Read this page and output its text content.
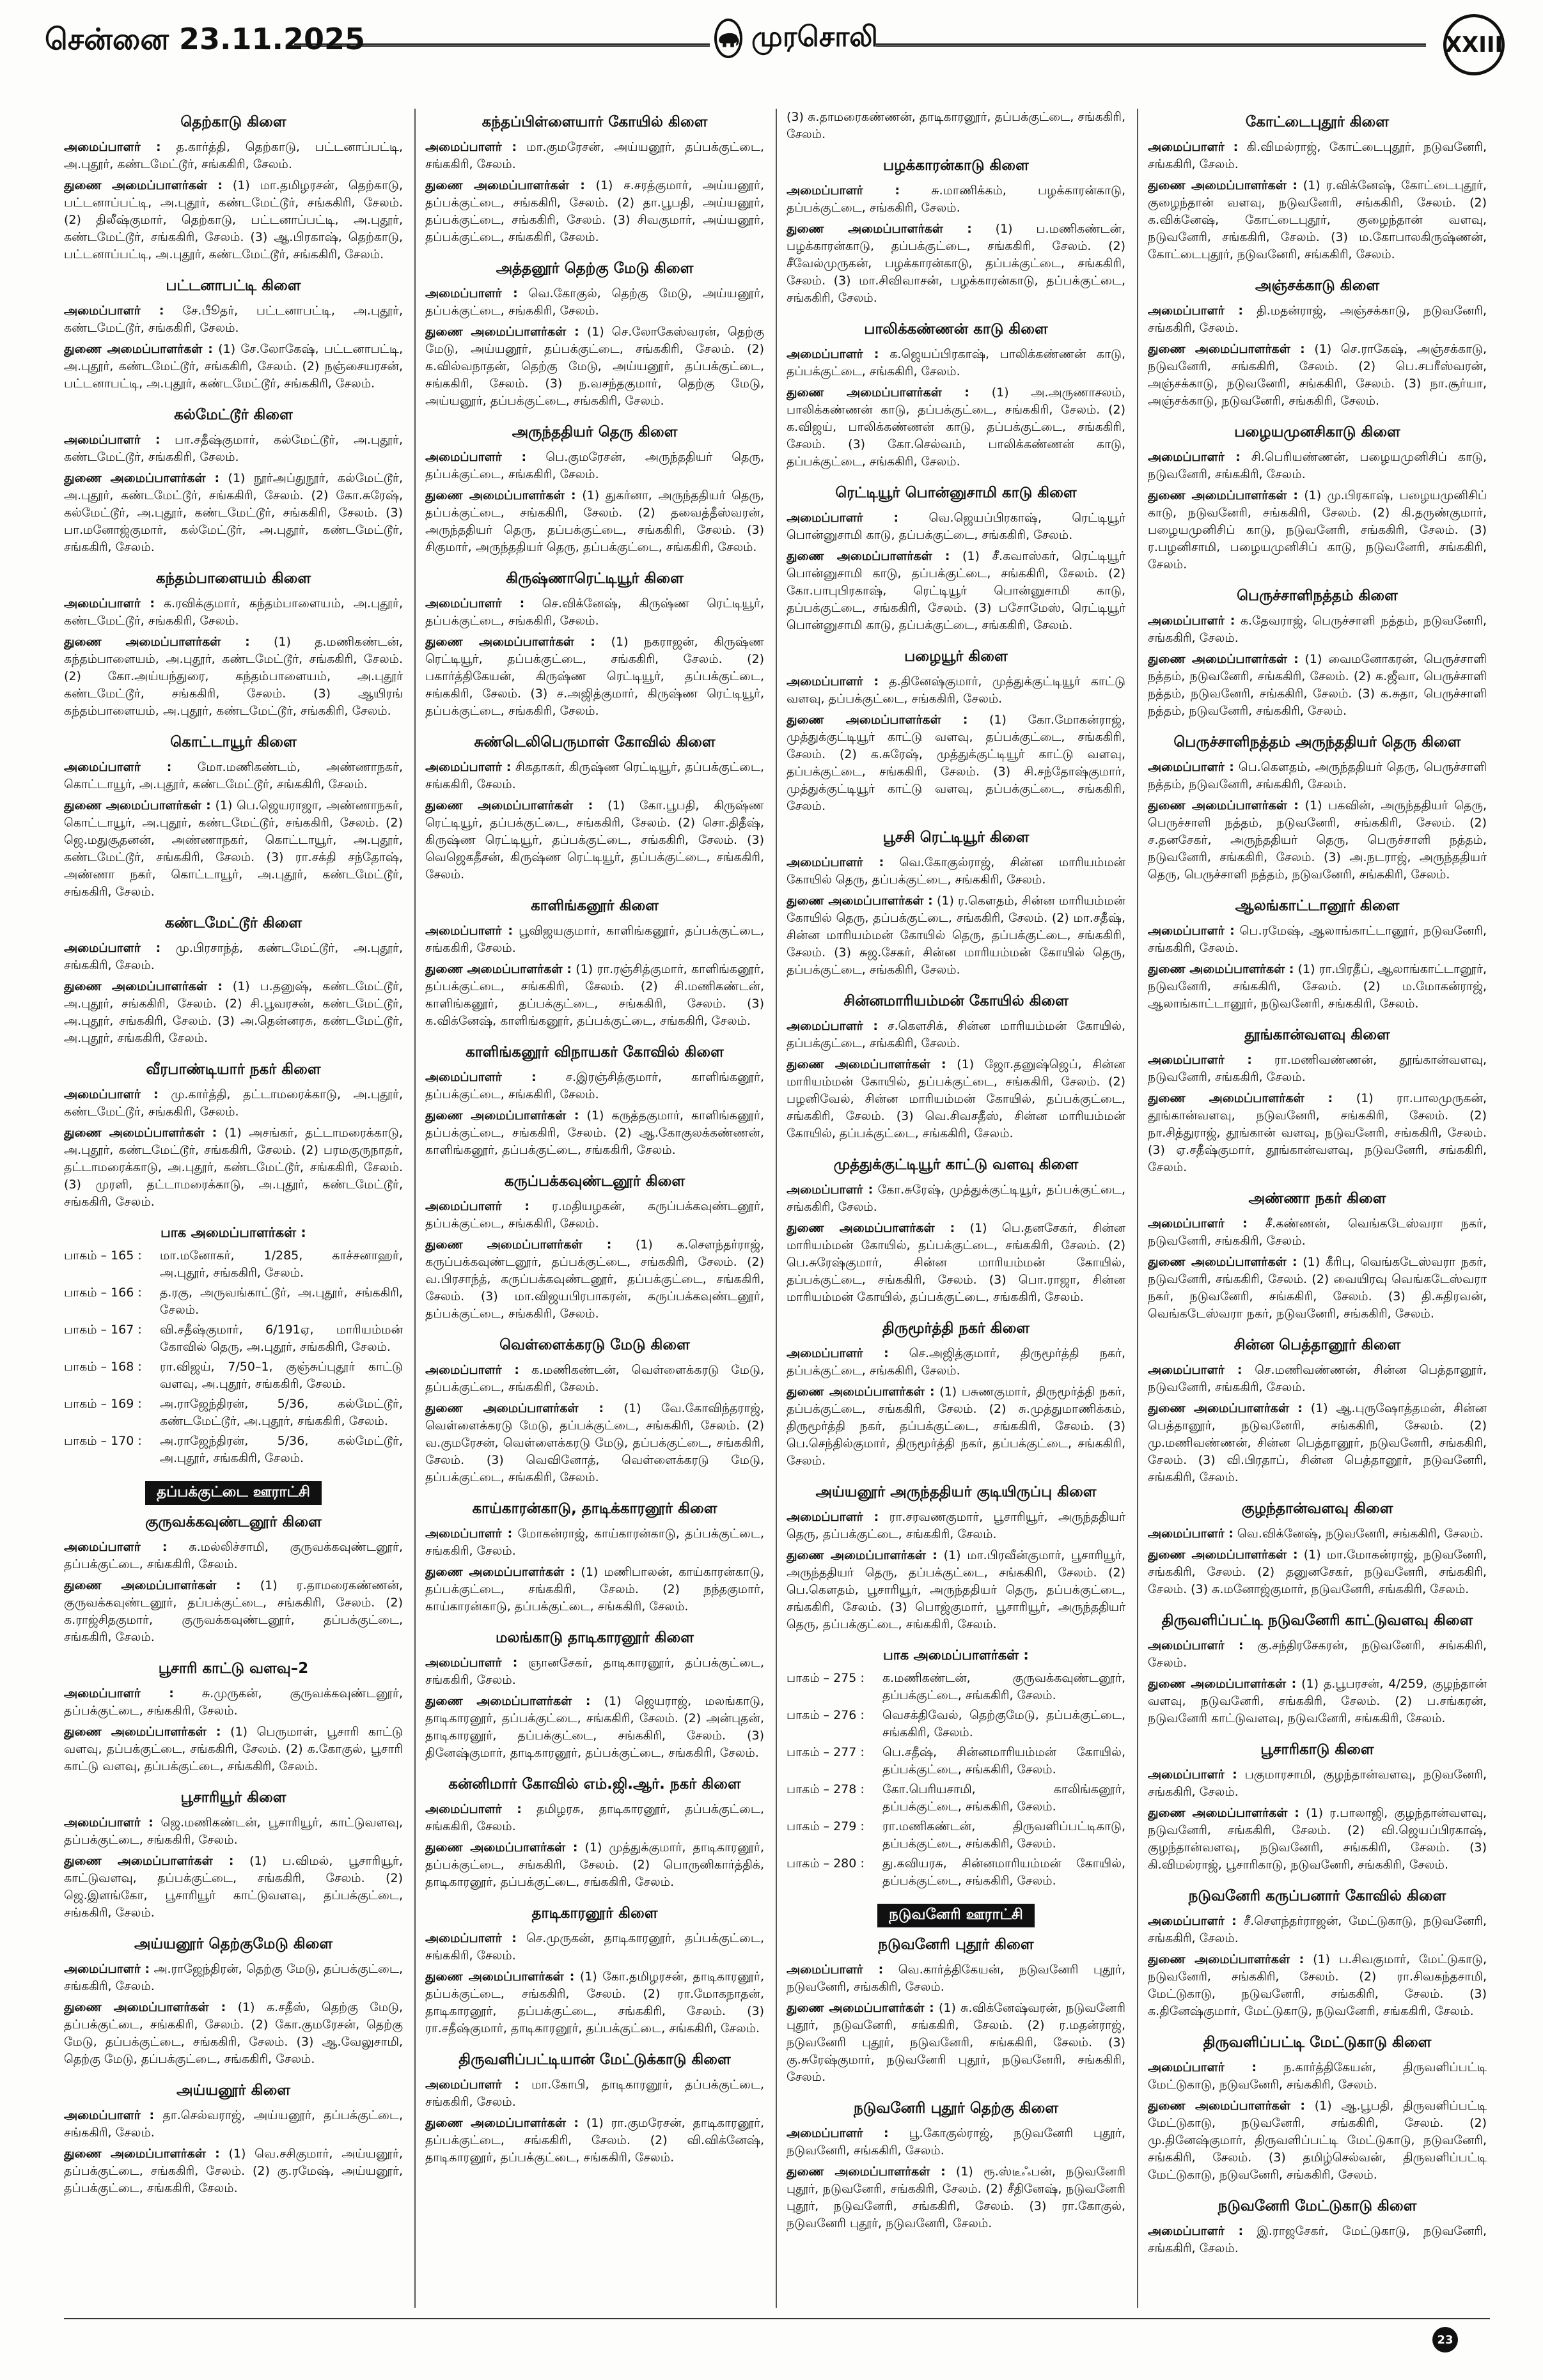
சென்னை 23.11.2025	முரசொலி	XXIII
தெற்காடு கிளை
அமைப்பாளர் : த.கார்த்தி, தெற்காடு, பட்டனாப்பட்டி, அ.புதூர், கண்டமேட்டூர், சங்ககிரி, சேலம்.
துணை அமைப்பாளர்கள் : (1) மா.தமிழரசன், தெற்காடு, பட்டனாப்பட்டி, அ.புதூர், கண்டமேட்டூர், சங்ககிரி, சேலம். (2) திலீஷ்குமார், தெற்காடு, பட்டனாப்பட்டி, அ.புதூர், கண்டமேட்டூர், சங்ககிரி, சேலம். (3) ஆ.பிரகாஷ், தெற்காடு, பட்டனாப்பட்டி, அ.புதூர், கண்டமேட்டூர், சங்ககிரி, சேலம்.
பட்டனாபட்டி கிளை
அமைப்பாளர் : சே.பூீதர், பட்டனாபட்டி, அ.புதூர், கண்டமேட்டூர், சங்ககிரி, சேலம்.
துணை அமைப்பாளர்கள் : (1) சே.லோகேஷ், பட்டனாபட்டி, அ.புதூர், கண்டமேட்டூர், சங்ககிரி, சேலம். (2) நஞ்சையரசன், பட்டனாபட்டி, அ.புதூர், கண்டமேட்டூர், சங்ககிரி, சேலம்.
கல்மேட்டூர் கிளை
அமைப்பாளர் : பா.சதீஷ்குமார், கல்மேட்டூர், அ.புதூர், கண்டமேட்டூர், சங்ககிரி, சேலம்.
துணை அமைப்பாளர்கள் : (1) நூர்அப்துநூர், கல்மேட்டூர், அ.புதூர், கண்டமேட்டூர், சங்ககிரி, சேலம். (2) கோ.சுரேஷ், கல்மேட்டூர், அ.புதூர், கண்டமேட்டூர், சங்ககிரி, சேலம். (3) பா.மனோஜ்குமார், கல்மேட்டூர், அ.புதூர், கண்டமேட்டூர், சங்ககிரி, சேலம்.
கந்தம்பாளையம் கிளை
அமைப்பாளர் : க.ரவிக்குமார், கந்தம்பாளையம், அ.புதூர், கண்டமேட்டூர், சங்ககிரி, சேலம்.
துணை அமைப்பாளர்கள் : (1) த.மணிகண்டன், கந்தம்பாளையம், அ.புதூர், கண்டமேட்டூர், சங்ககிரி, சேலம். (2) கோ.அய்யந்துரை, கந்தம்பாளையம், அ.புதூர் கண்டமேட்டூர், சங்ககிரி, சேலம். (3) ஆயிரங் கந்தம்பாளையம், அ.புதூர், கண்டமேட்டூர், சங்ககிரி, சேலம்.
கொட்டாயூர் கிளை
அமைப்பாளர் : மோ.மணிகண்டம், அண்ணாநகர், கொட்டாயூர், அ.புதூர், கண்டமேட்டூர், சங்ககிரி, சேலம்.
துணை அமைப்பாளர்கள் : (1) பெ.ஜெயராஜா, அண்ணாநகர், கொட்டாயூர், அ.புதூர், கண்டமேட்டூர், சங்ககிரி, சேலம். (2) ஜெ.மதுசூதனன், அண்ணாநகர், கொட்டாயூர், அ.புதூர், கண்டமேட்டூர், சங்ககிரி, சேலம். (3) ரா.சக்தி சந்தோஷ், அண்ணா நகர், கொட்டாயூர், அ.புதூர், கண்டமேட்டூர், சங்ககிரி, சேலம்.
கண்டமேட்டூர் கிளை
அமைப்பாளர் : மு.பிரசாந்த், கண்டமேட்டூர், அ.புதூர், சங்ககிரி, சேலம்.
துணை அமைப்பாளர்கள் : (1) ப.தனுஷ், கண்டமேட்டூர், அ.புதூர், சங்ககிரி, சேலம். (2) சி.பூவரசன், கண்டமேட்டூர், அ.புதூர், சங்ககிரி, சேலம். (3) அ.தென்னரசு, கண்டமேட்டூர், அ.புதூர், சங்ககிரி, சேலம்.
வீரபாண்டியார் நகர் கிளை
அமைப்பாளர் : மு.கார்த்தி, தட்டாமரைக்காடு, அ.புதூர், கண்டமேட்டூர், சங்ககிரி, சேலம்.
துணை அமைப்பாளர்கள் : (1) அசங்கர், தட்டாமரைக்காடு, அ.புதூர், கண்டமேட்டூர், சங்ககிரி, சேலம். (2) பரமகுருநாதர், தட்டாமரைக்காடு, அ.புதூர், கண்டமேட்டூர், சங்ககிரி, சேலம். (3) முரளி, தட்டாமரைக்காடு, அ.புதூர், கண்டமேட்டூர், சங்ககிரி, சேலம்.
பாக அமைப்பாளர்கள் :
பாகம் – 165 :	மா.மனோகர், 1/285, காச்சனாஹர், அ.புதூர், சங்ககிரி, சேலம்.
பாகம் – 166 :	த.ரகு, அருவங்காட்டூர், அ.புதூர், சங்ககிரி, சேலம்.
பாகம் – 167 :	வி.சதீஷ்குமார், 6/191ஏ, மாரியம்மன் கோவில் தெரு, அ.புதூர், சங்ககிரி, சேலம்.
பாகம் – 168 :	ரா.விஜய், 7/50–1, குஞ்சுப்புதூர் காட்டு வளவு, அ.புதூர், சங்ககிரி, சேலம்.
பாகம் – 169 :	அ.ராஜேந்திரன், 5/36, கல்மேட்டூர், கண்டமேட்டூர், அ.புதூர், சங்ககிரி, சேலம்.
பாகம் – 170 :	அ.ராஜேந்திரன், 5/36, கல்மேட்டூர், அ.புதூர், சங்ககிரி, சேலம்.
தப்பக்குட்டை ஊராட்சி
குருவக்கவுண்டனூர் கிளை
அமைப்பாளர் : சு.மல்லிச்சாமி, குருவக்கவுண்டனூர், தப்பக்குட்டை, சங்ககிரி, சேலம்.
துணை அமைப்பாளர்கள் : (1) ர.தாமரைகண்ணன், குருவக்கவுண்டனூர், தப்பக்குட்டை, சங்ககிரி, சேலம். (2) க.ராஜ்சிதகுமார், குருவக்கவுண்டனூர், தப்பக்குட்டை, சங்ககிரி, சேலம்.
பூசாரி காட்டு வளவு–2
அமைப்பாளர் : சு.முருகன், குருவக்கவுண்டனூர், தப்பக்குட்டை, சங்ககிரி, சேலம்.
துணை அமைப்பாளர்கள் : (1) பெருமாள், பூசாரி காட்டு வளவு, தப்பக்குட்டை, சங்ககிரி, சேலம். (2) க.கோகுல், பூசாரி காட்டு வளவு, தப்பக்குட்டை, சங்ககிரி, சேலம்.
பூசாரியூர் கிளை
அமைப்பாளர் : ஜெ.மணிகண்டன், பூசாரியூர், காட்டுவளவு, தப்பக்குட்டை, சங்ககிரி, சேலம்.
துணை அமைப்பாளர்கள் : (1) ப.விமல், பூசாரியூர், காட்டுவளவு, தப்பக்குட்டை, சங்ககிரி, சேலம். (2) ஜெ.இளங்கோ, பூசாரியூர் காட்டுவளவு, தப்பக்குட்டை, சங்ககிரி, சேலம்.
அய்யனூர் தெற்குமேடு கிளை
அமைப்பாளர் : அ.ராஜேந்திரன், தெற்கு மேடு, தப்பக்குட்டை, சங்ககிரி, சேலம்.
துணை அமைப்பாளர்கள் : (1) க.சதீஸ், தெற்கு மேடு, தப்பக்குட்டை, சங்ககிரி, சேலம். (2) கோ.குமரேசன், தெற்கு மேடு, தப்பக்குட்டை, சங்ககிரி, சேலம். (3) ஆ.வேலுசாமி, தெற்கு மேடு, தப்பக்குட்டை, சங்ககிரி, சேலம்.
அய்யனூர் கிளை
அமைப்பாளர் : தா.செல்வராஜ், அய்யனூர், தப்பக்குட்டை, சங்ககிரி, சேலம்.
துணை அமைப்பாளர்கள் : (1) வெ.சசிகுமார், அய்யனூர், தப்பக்குட்டை, சங்ககிரி, சேலம். (2) கு.ரமேஷ், அய்யனூர், தப்பக்குட்டை, சங்ககிரி, சேலம்.
கந்தப்பிள்ளையார் கோயில் கிளை
அமைப்பாளர் : மா.குமரேசன், அய்யனூர், தப்பக்குட்டை, சங்ககிரி, சேலம்.
துணை அமைப்பாளர்கள் : (1) ச.சரத்குமார், அய்யனூர், தப்பக்குட்டை, சங்ககிரி, சேலம். (2) தா.பூபதி, அய்யனூர், தப்பக்குட்டை, சங்ககிரி, சேலம். (3) சிவகுமார், அய்யனூர், தப்பக்குட்டை, சங்ககிரி, சேலம்.
அத்தனூர் தெற்கு மேடு கிளை
அமைப்பாளர் : வெ.கோகுல், தெற்கு மேடு, அய்யனூர், தப்பக்குட்டை, சங்ககிரி, சேலம்.
துணை அமைப்பாளர்கள் : (1) செ.லோகேஸ்வரன், தெற்கு மேடு, அய்யனூர், தப்பக்குட்டை, சங்ககிரி, சேலம். (2) க.வில்வநாதன், தெற்கு மேடு, அய்யனூர், தப்பக்குட்டை, சங்ககிரி, சேலம். (3) ந.வசந்தகுமார், தெற்கு மேடு, அய்யனூர், தப்பக்குட்டை, சங்ககிரி, சேலம்.
அருந்ததியர் தெரு கிளை
அமைப்பாளர் : பெ.குமரேசன், அருந்ததியர் தெரு, தப்பக்குட்டை, சங்ககிரி, சேலம்.
துணை அமைப்பாளர்கள் : (1) துகர்னா, அருந்ததியர் தெரு, தப்பக்குட்டை, சங்ககிரி, சேலம். (2) தவைத்தீஸ்வரன், அருந்ததியர் தெரு, தப்பக்குட்டை, சங்ககிரி, சேலம். (3) சிகுமார், அருந்ததியர் தெரு, தப்பக்குட்டை, சங்ககிரி, சேலம்.
கிருஷ்ணாரெட்டியூர் கிளை
அமைப்பாளர் : செ.விக்னேஷ், கிருஷ்ண ரெட்டியூர், தப்பக்குட்டை, சங்ககிரி, சேலம்.
துணை அமைப்பாளர்கள் : (1) நகராஜன், கிருஷ்ண ரெட்டியூர், தப்பக்குட்டை, சங்ககிரி, சேலம். (2) பகார்த்திகேயன், கிருஷ்ண ரெட்டியூர், தப்பக்குட்டை, சங்ககிரி, சேலம். (3) ச.அஜித்குமார், கிருஷ்ண ரெட்டியூர், தப்பக்குட்டை, சங்ககிரி, சேலம்.
சுண்டெலிபெருமாள் கோவில் கிளை
அமைப்பாளர் : சிகதாகர், கிருஷ்ண ரெட்டியூர், தப்பக்குட்டை, சங்ககிரி, சேலம்.
துணை அமைப்பாளர்கள் : (1) கோ.பூபதி, கிருஷ்ண ரெட்டியூர், தப்பக்குட்டை, சங்ககிரி, சேலம். (2) சொ.திதீஷ், கிருஷ்ண ரெட்டியூர், தப்பக்குட்டை, சங்ககிரி, சேலம். (3) வெஜெகதீசன், கிருஷ்ண ரெட்டியூர், தப்பக்குட்டை, சங்ககிரி, சேலம்.
காளிங்கனூர் கிளை
அமைப்பாளர் : பூவிஜயகுமார், காளிங்கனூர், தப்பக்குட்டை, சங்ககிரி, சேலம்.
துணை அமைப்பாளர்கள் : (1) ரா.ரஞ்சித்குமார், காளிங்கனூர், தப்பக்குட்டை, சங்ககிரி, சேலம். (2) சி.மணிகண்டன், காளிங்கனூர், தப்பக்குட்டை, சங்ககிரி, சேலம். (3) க.விக்னேஷ், காளிங்கனூர், தப்பக்குட்டை, சங்ககிரி, சேலம்.
காளிங்கனூர் விநாயகர் கோவில் கிளை
அமைப்பாளர் : ச.இரஞ்சித்குமார், காளிங்கனூர், தப்பக்குட்டை, சங்ககிரி, சேலம்.
துணை அமைப்பாளர்கள் : (1) கருத்தகுமார், காளிங்கனூர், தப்பக்குட்டை, சங்ககிரி, சேலம். (2) ஆ.கோகுலக்கண்ணன், காளிங்கனூர், தப்பக்குட்டை, சங்ககிரி, சேலம்.
கருப்பக்கவுண்டனூர் கிளை
அமைப்பாளர் : ர.மதியழகன், கருப்பக்கவுண்டனூர், தப்பக்குட்டை, சங்ககிரி, சேலம்.
துணை அமைப்பாளர்கள் : (1) க.சௌந்தர்ராஜ், கருப்பக்கவுண்டனூர், தப்பக்குட்டை, சங்ககிரி, சேலம். (2) வ.பிரசாந்த், கருப்பக்கவுண்டனூர், தப்பக்குட்டை, சங்ககிரி, சேலம். (3) மா.விஜயபிரபாகரன், கருப்பக்கவுண்டனூர், தப்பக்குட்டை, சங்ககிரி, சேலம்.
வெள்ளைக்கரடு மேடு கிளை
அமைப்பாளர் : க.மணிகண்டன், வெள்ளைக்கரடு மேடு, தப்பக்குட்டை, சங்ககிரி, சேலம்.
துணை அமைப்பாளர்கள் : (1) வே.கோவிந்தராஜ், வெள்ளைக்கரடு மேடு, தப்பக்குட்டை, சங்ககிரி, சேலம். (2) வ.குமரேசன், வெள்ளைக்கரடு மேடு, தப்பக்குட்டை, சங்ககிரி, சேலம். (3) வெவினோத், வெள்ளைக்கரடு மேடு, தப்பக்குட்டை, சங்ககிரி, சேலம்.
காய்காரன்காடு, தாடிக்காரனூர் கிளை
அமைப்பாளர் : மோகன்ராஜ், காய்காரன்காடு, தப்பக்குட்டை, சங்ககிரி, சேலம்.
துணை அமைப்பாளர்கள் : (1) மணிபாலன், காய்காரன்காடு, தப்பக்குட்டை, சங்ககிரி, சேலம். (2) நந்தகுமார், காய்காரன்காடு, தப்பக்குட்டை, சங்ககிரி, சேலம்.
மலங்காடு தாடிகாரனூர் கிளை
அமைப்பாளர் : ஞானசேகர், தாடிகாரனூர், தப்பக்குட்டை, சங்ககிரி, சேலம்.
துணை அமைப்பாளர்கள் : (1) ஜெயராஜ், மலங்காடு, தாடிகாரனூர், தப்பக்குட்டை, சங்ககிரி, சேலம். (2) அன்புதன், தாடிகாரனூர், தப்பக்குட்டை, சங்ககிரி, சேலம். (3) தினேஷ்குமார், தாடிகாரனூர், தப்பக்குட்டை, சங்ககிரி, சேலம்.
கன்னிமார் கோவில் எம்.ஜி.ஆர். நகர் கிளை
அமைப்பாளர் : தமிழரசு, தாடிகாரனூர், தப்பக்குட்டை, சங்ககிரி, சேலம்.
துணை அமைப்பாளர்கள் : (1) முத்துக்குமார், தாடிகாரனூர், தப்பக்குட்டை, சங்ககிரி, சேலம். (2) பொருனிகார்த்திக், தாடிகாரனூர், தப்பக்குட்டை, சங்ககிரி, சேலம்.
தாடிகாரனூர் கிளை
அமைப்பாளர் : செ.முருகன், தாடிகாரனூர், தப்பக்குட்டை, சங்ககிரி, சேலம்.
துணை அமைப்பாளர்கள் : (1) கோ.தமிழரசன், தாடிகாரனூர், தப்பக்குட்டை, சங்ககிரி, சேலம். (2) ரா.மோகநாதன், தாடிகாரனூர், தப்பக்குட்டை, சங்ககிரி, சேலம். (3) ரா.சதீஷ்குமார், தாடிகாரனூர், தப்பக்குட்டை, சங்ககிரி, சேலம்.
திருவளிப்பட்டியான் மேட்டுக்காடு கிளை
அமைப்பாளர் : மா.கோபி, தாடிகாரனூர், தப்பக்குட்டை, சங்ககிரி, சேலம்.
துணை அமைப்பாளர்கள் : (1) ரா.குமரேசன், தாடிகாரனூர், தப்பக்குட்டை, சங்ககிரி, சேலம். (2) வி.விக்னேஷ், தாடிகாரனூர், தப்பக்குட்டை, சங்ககிரி, சேலம்.
(3) சு.தாமரைகண்ணன், தாடிகாரனூர், தப்பக்குட்டை, சங்ககிரி, சேலம்.
பழக்காரன்காடு கிளை
அமைப்பாளர் :	சு.மாணிக்கம், பழக்காரன்காடு, தப்பக்குட்டை, சங்ககிரி, சேலம்.
துணை அமைப்பாளர்கள் : (1) ப.மணிகண்டன், பழக்காரன்காடு, தப்பக்குட்டை, சங்ககிரி, சேலம். (2) சீவேல்முருகன், பழக்காரன்காடு, தப்பக்குட்டை, சங்ககிரி, சேலம். (3) மா.சிவிவாசன், பழக்காரன்காடு, தப்பக்குட்டை, சங்ககிரி, சேலம்.
பாலிக்கண்ணன் காடு கிளை
அமைப்பாளர் : க.ஜெயப்பிரகாஷ், பாலிக்கண்ணன் காடு, தப்பக்குட்டை, சங்ககிரி, சேலம்.
துணை அமைப்பாளர்கள் : (1) அ.அருணாசலம், பாலிக்கண்ணன் காடு, தப்பக்குட்டை, சங்ககிரி, சேலம். (2) க.விஜய், பாலிக்கண்ணன் காடு, தப்பக்குட்டை, சங்ககிரி, சேலம். (3) கோ.செல்வம், பாலிக்கண்ணன் காடு, தப்பக்குட்டை, சங்ககிரி, சேலம்.
ரெட்டியூர் பொன்னுசாமி காடு கிளை
அமைப்பாளர் : வெ.ஜெயப்பிரகாஷ், ரெட்டியூர் பொன்னுசாமி காடு, தப்பக்குட்டை, சங்ககிரி, சேலம்.
துணை அமைப்பாளர்கள் : (1) சீ.கவாஸ்கர், ரெட்டியூர் பொன்னுசாமி காடு, தப்பக்குட்டை, சங்ககிரி, சேலம். (2) கோ.பாபுபிரகாஷ், ரெட்டியூர் பொன்னுசாமி காடு, தப்பக்குட்டை, சங்ககிரி, சேலம். (3) பசோமேஸ், ரெட்டியூர் பொன்னுசாமி காடு, தப்பக்குட்டை, சங்ககிரி, சேலம்.
பழையூர் கிளை
அமைப்பாளர் : த.தினேஷ்குமார், முத்துக்குட்டியூர் காட்டு வளவு, தப்பக்குட்டை, சங்ககிரி, சேலம்.
துணை அமைப்பாளர்கள் : (1) கோ.மோகன்ராஜ், முத்துக்குட்டியூர் காட்டு வளவு, தப்பக்குட்டை, சங்ககிரி, சேலம். (2) க.சுரேஷ், முத்துக்குட்டியூர் காட்டு வளவு, தப்பக்குட்டை, சங்ககிரி, சேலம். (3) சி.சந்தோஷ்குமார், முத்துக்குட்டியூர் காட்டு வளவு, தப்பக்குட்டை, சங்ககிரி, சேலம்.
பூசசி ரெட்டியூர் கிளை
அமைப்பாளர் : வெ.கோகுல்ராஜ், சின்ன மாரியம்மன் கோயில் தெரு, தப்பக்குட்டை, சங்ககிரி, சேலம்.
துணை அமைப்பாளர்கள் : (1) ர.கௌதம், சின்ன மாரியம்மன் கோயில் தெரு, தப்பக்குட்டை, சங்ககிரி, சேலம். (2) மா.சதீஷ், சின்ன மாரியம்மன் கோயில் தெரு, தப்பக்குட்டை, சங்ககிரி, சேலம். (3) சுஜ.சேகர், சின்ன மாரியம்மன் கோயில் தெரு, தப்பக்குட்டை, சங்ககிரி, சேலம்.
சின்னமாரியம்மன் கோயில் கிளை
அமைப்பாளர் : ச.கௌசிக், சின்ன மாரியம்மன் கோயில், தப்பக்குட்டை, சங்ககிரி, சேலம்.
துணை அமைப்பாளர்கள் : (1) ஜோ.தனுஷ்ஜெப், சின்ன மாரியம்மன் கோயில், தப்பக்குட்டை, சங்ககிரி, சேலம். (2) பழனிவேல், சின்ன மாரியம்மன் கோயில், தப்பக்குட்டை, சங்ககிரி, சேலம். (3) வெ.சிவசதீஸ், சின்ன மாரியம்மன் கோயில், தப்பக்குட்டை, சங்ககிரி, சேலம்.
முத்துக்குட்டியூர் காட்டு வளவு கிளை
அமைப்பாளர் : கோ.சுரேஷ், முத்துக்குட்டியூர், தப்பக்குட்டை, சங்ககிரி, சேலம்.
துணை அமைப்பாளர்கள் : (1) பெ.தனசேகர், சின்ன மாரியம்மன் கோயில், தப்பக்குட்டை, சங்ககிரி, சேலம். (2) பெ.சுரேஷ்குமார், சின்ன மாரியம்மன் கோயில், தப்பக்குட்டை, சங்ககிரி, சேலம். (3) பொ.ராஜா, சின்ன மாரியம்மன் கோயில், தப்பக்குட்டை, சங்ககிரி, சேலம்.
திருமூர்த்தி நகர் கிளை
அமைப்பாளர் : செ.அஜித்குமார், திருமூர்த்தி நகர், தப்பக்குட்டை, சங்ககிரி, சேலம்.
துணை அமைப்பாளர்கள் : (1) பசுணகுமார், திருமூர்த்தி நகர், தப்பக்குட்டை, சங்ககிரி, சேலம். (2) சு.முத்துமாணிக்கம், திருமூர்த்தி நகர், தப்பக்குட்டை, சங்ககிரி, சேலம். (3) பெ.செந்தில்குமார், திருமூர்த்தி நகர், தப்பக்குட்டை, சங்ககிரி, சேலம்.
அய்யனூர் அருந்ததியர் குடியிருப்பு கிளை
அமைப்பாளர் : ரா.சரவணகுமார், பூசாரியூர், அருந்ததியர் தெரு, தப்பக்குட்டை, சங்ககிரி, சேலம்.
துணை அமைப்பாளர்கள் : (1) மா.பிரவீன்குமார், பூசாரியூர், அருந்ததியர் தெரு, தப்பக்குட்டை, சங்ககிரி, சேலம். (2) பெ.கௌதம், பூசாரியூர், அருந்ததியர் தெரு, தப்பக்குட்டை, சங்ககிரி, சேலம். (3) பொஜ்குமார், பூசாரியூர், அருந்ததியர் தெரு, தப்பக்குட்டை, சங்ககிரி, சேலம்.
பாக அமைப்பாளர்கள் :
பாகம் – 275 :	க.மணிகண்டன், குருவக்கவுண்டனூர், தப்பக்குட்டை, சங்ககிரி, சேலம்.
பாகம் – 276 :	வெசக்திவேல், தெற்குமேடு, தப்பக்குட்டை, சங்ககிரி, சேலம்.
பாகம் – 277 :	பெ.சதீஷ், சின்னமாரியம்மன் கோயில், தப்பக்குட்டை, சங்ககிரி, சேலம்.
பாகம் – 278 :	கோ.பெரியசாமி, காலிங்கனூர், தப்பக்குட்டை, சங்ககிரி, சேலம்.
பாகம் – 279 :	ரா.மணிகண்டன், திருவளிப்பட்டிகாடு, தப்பக்குட்டை, சங்ககிரி, சேலம்.
பாகம் – 280 :	து.கவியரசு, சின்னமாரியம்மன் கோயில், தப்பக்குட்டை, சங்ககிரி, சேலம்.
நடுவனேரி ஊராட்சி
நடுவனேரி புதூர் கிளை
அமைப்பாளர் : வெ.கார்த்திகேயன், நடுவனேரி புதூர், நடுவனேரி, சங்ககிரி, சேலம்.
துணை அமைப்பாளர்கள் : (1) சு.விக்னேஷ்வரன், நடுவனேரி புதூர், நடுவனேரி, சங்ககிரி, சேலம். (2) ர.மதன்ராஜ், நடுவனேரி புதூர், நடுவனேரி, சங்ககிரி, சேலம். (3) கு.சுரேஷ்குமார், நடுவனேரி புதூர், நடுவனேரி, சங்ககிரி, சேலம்.
நடுவனேரி புதூர் தெற்கு கிளை
அமைப்பாளர் : பூ.கோகுல்ராஜ், நடுவனேரி புதூர், நடுவனேரி, சங்ககிரி, சேலம்.
துணை அமைப்பாளர்கள் : (1) ரூ.ஸ்டீஃபன், நடுவனேரி புதூர், நடுவனேரி, சங்ககிரி, சேலம். (2) சீதினேஷ், நடுவனேரி புதூர், நடுவனேரி, சங்ககிரி, சேலம். (3) ரா.கோகுல், நடுவனேரி புதூர், நடுவனேரி, சேலம்.
கோட்டைபுதூர் கிளை
அமைப்பாளர் : கி.விமல்ராஜ், கோட்டைபுதூர், நடுவனேரி, சங்ககிரி, சேலம்.
துணை அமைப்பாளர்கள் : (1) ர.விக்னேஷ், கோட்டைபுதூர், குழைந்தான் வளவு, நடுவனேரி, சங்ககிரி, சேலம். (2) க.விக்னேஷ், கோட்டைபுதூர், குழைந்தான் வளவு, நடுவனேரி, சங்ககிரி, சேலம். (3) ம.கோபாலகிருஷ்ணன், கோட்டைபுதூர், நடுவனேரி, சங்ககிரி, சேலம்.
அஞ்சக்காடு கிளை
அமைப்பாளர் : தி.மதன்ராஜ், அஞ்சக்காடு, நடுவனேரி, சங்ககிரி, சேலம்.
துணை அமைப்பாளர்கள் : (1) செ.ராகேஷ், அஞ்சக்காடு, நடுவனேரி, சங்ககிரி, சேலம். (2) பெ.சபரீஸ்வரன், அஞ்சக்காடு, நடுவனேரி, சங்ககிரி, சேலம். (3) நா.சூர்யா, அஞ்சக்காடு, நடுவனேரி, சங்ககிரி, சேலம்.
பழையமுனசிகாடு கிளை
அமைப்பாளர் : சி.பெரியண்ணன், பழையமுனிசிப் காடு, நடுவனேரி, சங்ககிரி, சேலம்.
துணை அமைப்பாளர்கள் : (1) மு.பிரகாஷ், பழையமுனிசிப் காடு, நடுவனேரி, சங்ககிரி, சேலம். (2) கி.தருண்குமார், பழையமுனிசிப் காடு, நடுவனேரி, சங்ககிரி, சேலம். (3) ர.பழனிசாமி, பழையமுனிசிப் காடு, நடுவனேரி, சங்ககிரி, சேலம்.
பெருச்சாளிநத்தம் கிளை
அமைப்பாளர் : க.தேவராஜ், பெருச்சாளி நத்தம், நடுவனேரி, சங்ககிரி, சேலம்.
துணை அமைப்பாளர்கள் : (1) வைமனோகரன், பெருச்சாளி நத்தம், நடுவனேரி, சங்ககிரி, சேலம். (2) க.ஜீவா, பெருச்சாளி நத்தம், நடுவனேரி, சங்ககிரி, சேலம். (3) க.சுதா, பெருச்சாளி நத்தம், நடுவனேரி, சங்ககிரி, சேலம்.
பெருச்சாளிநத்தம் அருந்ததியர் தெரு கிளை
அமைப்பாளர் : பெ.கௌதம், அருந்ததியர் தெரு, பெருச்சாளி நத்தம், நடுவனேரி, சங்ககிரி, சேலம்.
துணை அமைப்பாளர்கள் : (1) பகவின், அருந்ததியர் தெரு, பெருச்சாளி நத்தம், நடுவனேரி, சங்ககிரி, சேலம். (2) ச.தனசேகர், அருந்ததியர் தெரு, பெருச்சாளி நத்தம், நடுவனேரி, சங்ககிரி, சேலம். (3) அ.நடராஜ், அருந்ததியர் தெரு, பெருச்சாளி நத்தம், நடுவனேரி, சங்ககிரி, சேலம்.
ஆலங்காட்டானூர் கிளை
அமைப்பாளர் : பெ.ரமேஷ், ஆலாங்காட்டானூர், நடுவனேரி, சங்ககிரி, சேலம்.
துணை அமைப்பாளர்கள் : (1) ரா.பிரதீப், ஆலாங்காட்டானூர், நடுவனேரி, சங்ககிரி, சேலம். (2) ம.மோகன்ராஜ், ஆலாங்காட்டானூர், நடுவனேரி, சங்ககிரி, சேலம்.
தூங்கான்வளவு கிளை
அமைப்பாளர் : ரா.மணிவண்ணன், தூங்கான்வளவு, நடுவனேரி, சங்ககிரி, சேலம்.
துணை அமைப்பாளர்கள் : (1) ரா.பாலமுருகன், தூங்கான்வளவு, நடுவனேரி, சங்ககிரி, சேலம். (2) நா.சித்துராஜ், தூங்கான் வளவு, நடுவனேரி, சங்ககிரி, சேலம். (3) ஏ.சதீஷ்குமார், தூங்கான்வளவு, நடுவனேரி, சங்ககிரி, சேலம்.
அண்ணா நகர் கிளை
அமைப்பாளர் : சீ.கண்ணன், வெங்கடேஸ்வரா நகர், நடுவனேரி, சங்ககிரி, சேலம்.
துணை அமைப்பாளர்கள் : (1) கீரிபு, வெங்கடேஸ்வரா நகர், நடுவனேரி, சங்ககிரி, சேலம். (2) வையிரவு வெங்கடேஸ்வரா நகர், நடுவனேரி, சங்ககிரி, சேலம். (3) தி.சுதிரவன், வெங்கடேஸ்வரா நகர், நடுவனேரி, சங்ககிரி, சேலம்.
சின்ன பெத்தானூர் கிளை
அமைப்பாளர் : செ.மணிவண்ணன், சின்ன பெத்தானூர், நடுவனேரி, சங்ககிரி, சேலம்.
துணை அமைப்பாளர்கள் : (1) ஆ.புருஷோத்தமன், சின்ன பெத்தானூர், நடுவனேரி, சங்ககிரி, சேலம். (2) மு.மணிவண்ணன், சின்ன பெத்தானூர், நடுவனேரி, சங்ககிரி, சேலம். (3) வி.பிரதாப், சின்ன பெத்தானூர், நடுவனேரி, சங்ககிரி, சேலம்.
குழந்தான்வளவு கிளை
அமைப்பாளர் : வெ.விக்னேஷ், நடுவனேரி, சங்ககிரி, சேலம்.
துணை அமைப்பாளர்கள் : (1) மா.மோகன்ராஜ், நடுவனேரி, சங்ககிரி, சேலம். (2) தனுனசேகர், நடுவனேரி, சங்ககிரி, சேலம். (3) சு.மனோஜ்குமார், நடுவனேரி, சங்ககிரி, சேலம்.
திருவளிப்பட்டி நடுவனேரி காட்டுவளவு கிளை
அமைப்பாளர் : கு.சந்திரசேகரன், நடுவனேரி, சங்ககிரி, சேலம்.
துணை அமைப்பாளர்கள் : (1) த.பூபரசன், 4/259, குழந்தான் வளவு, நடுவனேரி, சங்ககிரி, சேலம். (2) ப.சங்கரன், நடுவனேரி காட்டுவளவு, நடுவனேரி, சங்ககிரி, சேலம்.
பூசாரிகாடு கிளை
அமைப்பாளர் : பகுமாரசாமி, குழந்தான்வளவு, நடுவனேரி, சங்ககிரி, சேலம்.
துணை அமைப்பாளர்கள் : (1) ர.பாலாஜி, குழந்தான்வளவு, நடுவனேரி, சங்ககிரி, சேலம். (2) வி.ஜெயப்பிரகாஷ், குழந்தான்வளவு, நடுவனேரி, சங்ககிரி, சேலம். (3) கி.விமல்ராஜ், பூசாரிகாடு, நடுவனேரி, சங்ககிரி, சேலம்.
நடுவனேரி கருப்பனார் கோவில் கிளை
அமைப்பாளர் : சீ.சௌந்தர்ராஜன், மேட்டுகாடு, நடுவனேரி, சங்ககிரி, சேலம்.
துணை அமைப்பாளர்கள் : (1) ப.சிவகுமார், மேட்டுகாடு, நடுவனேரி, சங்ககிரி, சேலம். (2) ரா.சிவகந்தசாமி, மேட்டுகாடு, நடுவனேரி, சங்ககிரி, சேலம். (3) க.தினேஷ்குமார், மேட்டுகாடு, நடுவனேரி, சங்ககிரி, சேலம்.
திருவளிப்பட்டி மேட்டுகாடு கிளை
அமைப்பாளர் : ந.கார்த்திகேயன், திருவளிப்பட்டி மேட்டுகாடு, நடுவனேரி, சங்ககிரி, சேலம்.
துணை அமைப்பாளர்கள் : (1) ஆ.பூபதி, திருவளிப்பட்டி மேட்டுகாடு, நடுவனேரி, சங்ககிரி, சேலம். (2) மு.தினேஷ்குமார், திருவளிப்பட்டி மேட்டுகாடு, நடுவனேரி, சங்ககிரி, சேலம். (3) தமிழ்செல்வன், திருவளிப்பட்டி மேட்டுகாடு, நடுவனேரி, சங்ககிரி, சேலம்.
நடுவனேரி மேட்டுகாடு கிளை
அமைப்பாளர் : இ.ராஜசேகர், மேட்டுகாடு, நடுவனேரி, சங்ககிரி, சேலம்.
23
